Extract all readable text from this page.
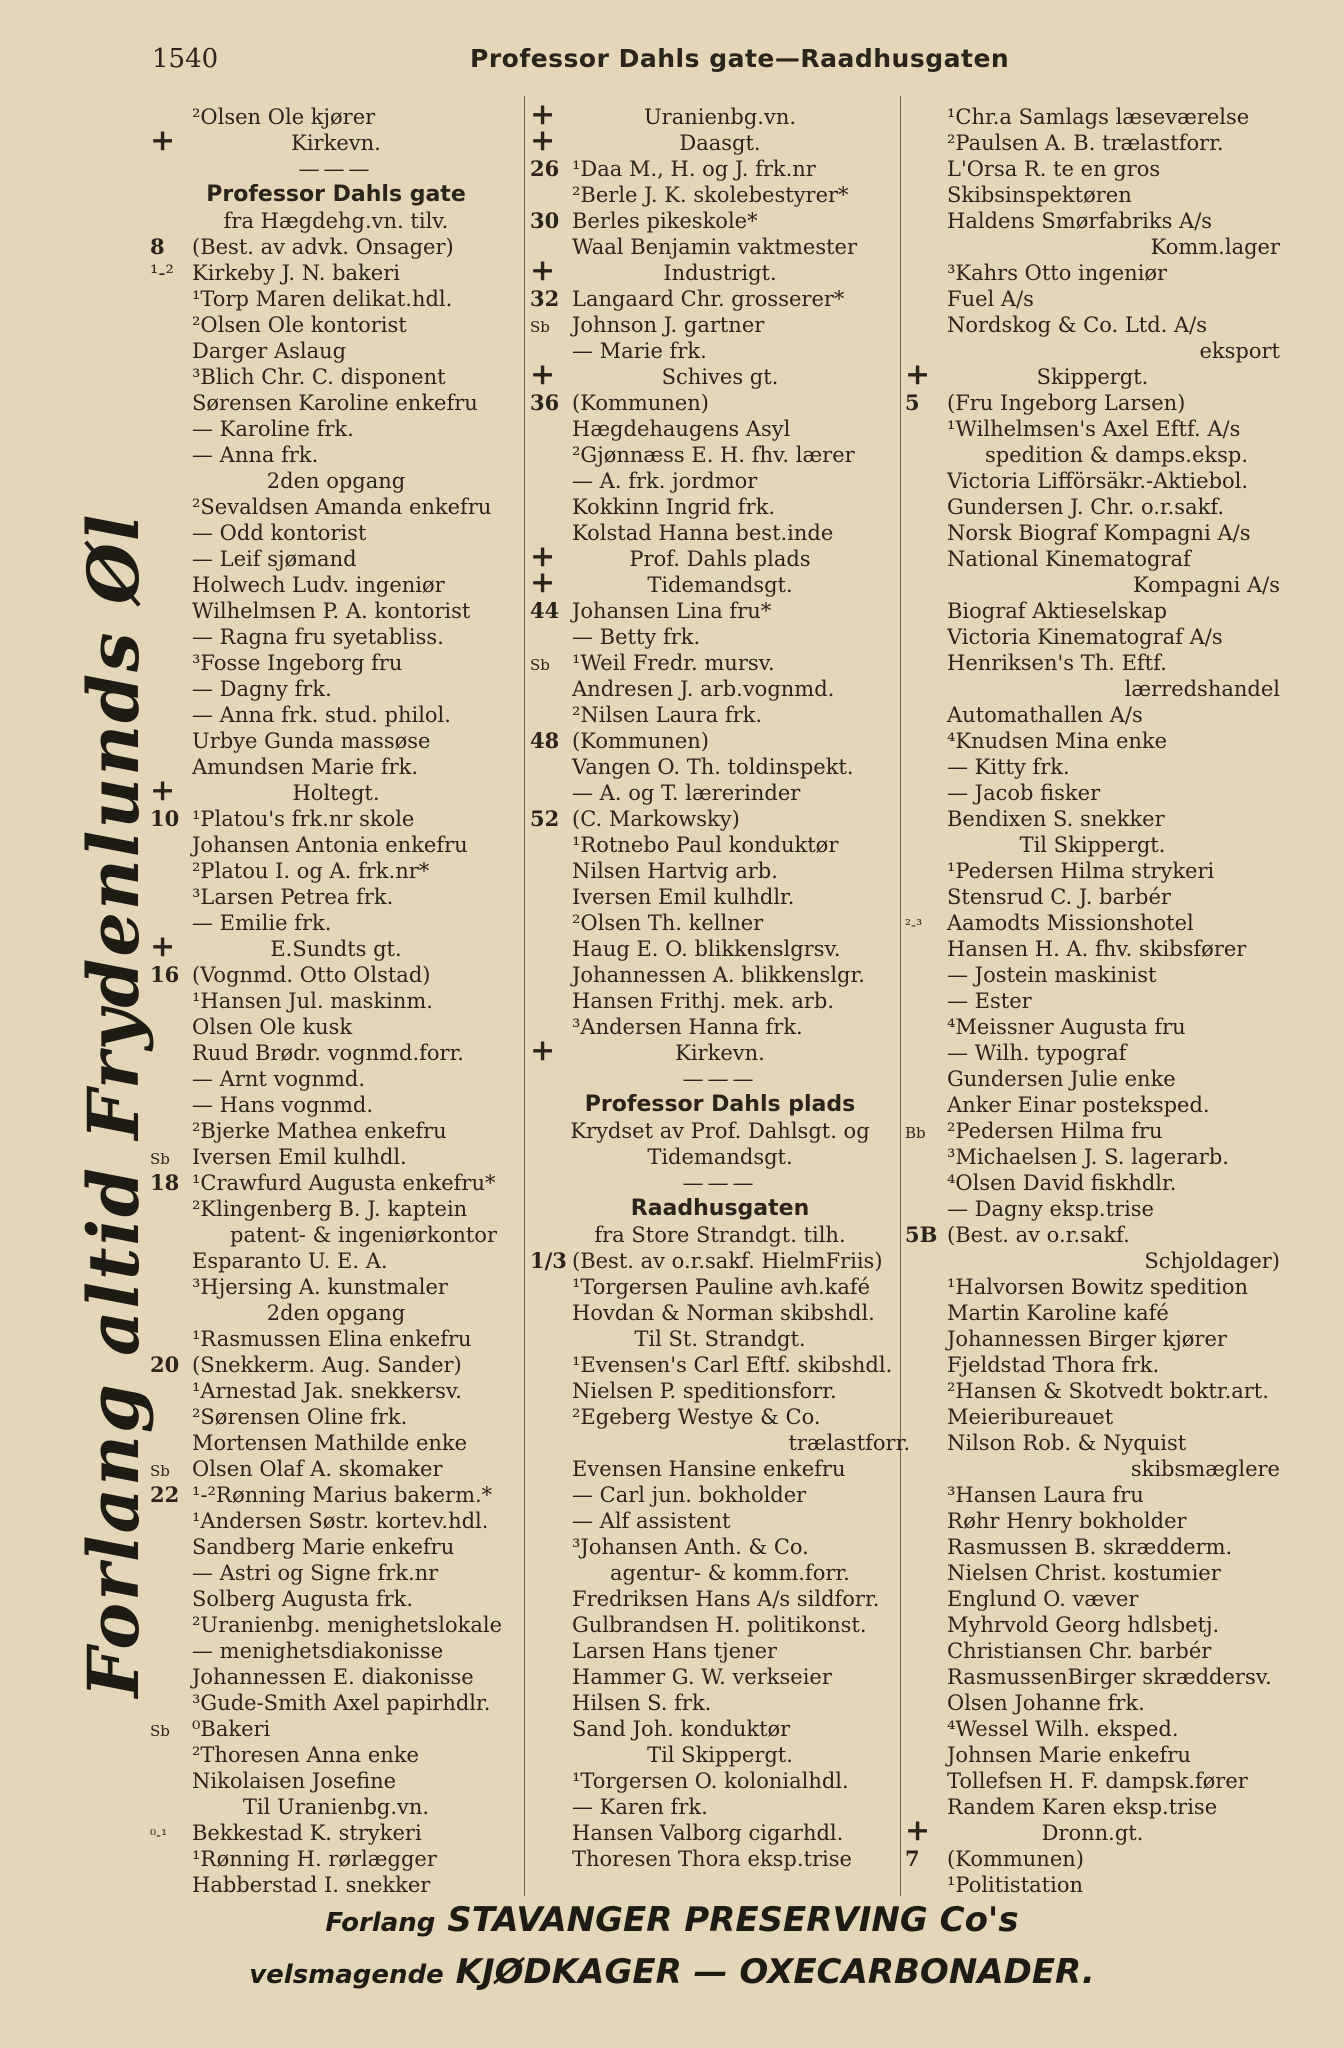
1540	Professor Dahls gate—Raadhusgaten
Forlang altid Frydenlunds Øl
²Olsen Ole kjører
+	Kirkevn.
———
Professor Dahls gate
fra Hægdehg.vn. tilv.
8	(Best. av advk. Onsager)
¹-² Kirkeby J. N. bakeri
¹Torp Maren delikat.hdl.
²Olsen Ole kontorist
Darger Aslaug
³Blich Chr. C. disponent
Sørensen Karoline enkefru
— Karoline frk.
— Anna frk.
2den opgang
²Sevaldsen Amanda enkefru
— Odd kontorist
— Leif sjømand
Holwech Ludv. ingeniør
Wilhelmsen P. A. kontorist
— Ragna fru syetabliss.
³Fosse Ingeborg fru
— Dagny frk.
— Anna frk. stud. philol.
Urbye Gunda massøse
Amundsen Marie frk.
+	Holtegt.
10 ¹Platou's frk.nr skole
Johansen Antonia enkefru
²Platou I. og A. frk.nr*
³Larsen Petrea frk.
— Emilie frk.
+	E.Sundts gt.
16 (Vognmd. Otto Olstad)
¹Hansen Jul. maskinm.
Olsen Ole kusk
Ruud Brødr. vognmd.forr.
— Arnt vognmd.
— Hans vognmd.
²Bjerke Mathea enkefru
Sb	Iversen Emil kulhdl.
18 ¹Crawfurd Augusta enkefru*
²Klingenberg B. J. kaptein
patent- & ingeniørkontor
Esparanto U. E. A.
³Hjersing A. kunstmaler
2den opgang
¹Rasmussen Elina enkefru
20 (Snekkerm. Aug. Sander)
¹Arnestad Jak. snekkersv.
²Sørensen Oline frk.
Mortensen Mathilde enke
Sb	Olsen Olaf A. skomaker
22 ¹-²Rønning Marius bakerm.*
¹Andersen Søstr. kortev.hdl.
Sandberg Marie enkefru
— Astri og Signe frk.nr
Solberg Augusta frk.
²Uranienbg. menighetslokale
— menighetsdiakonisse
Johannessen E. diakonisse
³Gude-Smith Axel papirhdlr.
Sb	⁰Bakeri
²Thoresen Anna enke
Nikolaisen Josefine
Til Uranienbg.vn.
⁰-¹	Bekkestad K. strykeri
¹Rønning H. rørlægger
Habberstad I. snekker
+	Uranienbg.vn.
+	Daasgt.
26 ¹Daa M., H. og J. frk.nr
²Berle J. K. skolebestyrer*
30 Berles pikeskole*
Waal Benjamin vaktmester
+	Industrigt.
32 Langaard Chr. grosserer*
Sb	Johnson J. gartner
— Marie frk.
+	Schives gt.
36 (Kommunen)
Hægdehaugens Asyl
²Gjønnæss E. H. fhv. lærer
— A. frk. jordmor
Kokkinn Ingrid frk.
Kolstad Hanna best.inde
+	Prof. Dahls plads
+	Tidemandsgt.
44 Johansen Lina fru*
— Betty frk.
Sb	¹Weil Fredr. mursv.
Andresen J. arb.vognmd.
²Nilsen Laura frk.
48 (Kommunen)
Vangen O. Th. toldinspekt.
— A. og T. lærerinder
52 (C. Markowsky)
¹Rotnebo Paul konduktør
Nilsen Hartvig arb.
Iversen Emil kulhdlr.
²Olsen Th. kellner
Haug E. O. blikkenslgrsv.
Johannessen A. blikkenslgr.
Hansen Frithj. mek. arb.
³Andersen Hanna frk.
+	Kirkevn.
———
Professor Dahls plads
Krydset av Prof. Dahlsgt. og
Tidemandsgt.
———
Raadhusgaten
fra Store Strandgt. tilh.
1/3 (Best. av o.r.sakf. HielmFriis)
¹Torgersen Pauline avh.kafé
Hovdan & Norman skibshdl.
Til St. Strandgt.
¹Evensen's Carl Eftf. skibshdl.
Nielsen P. speditionsforr.
²Egeberg Westye & Co.
trælastforr.
Evensen Hansine enkefru
— Carl jun. bokholder
— Alf assistent
³Johansen Anth. & Co.
agentur- & komm.forr.
Fredriksen Hans A/s sildforr.
Gulbrandsen H. politikonst.
Larsen Hans tjener
Hammer G. W. verkseier
Hilsen S. frk.
Sand Joh. konduktør
Til Skippergt.
¹Torgersen O. kolonialhdl.
— Karen frk.
Hansen Valborg cigarhdl.
Thoresen Thora eksp.trise
¹Chr.a Samlags læseværelse
²Paulsen A. B. trælastforr.
L'Orsa R. te en gros
Skibsinspektøren
Haldens Smørfabriks A/s
Komm.lager
³Kahrs Otto ingeniør
Fuel A/s
Nordskog & Co. Ltd. A/s
eksport
+	Skippergt.
5	(Fru Ingeborg Larsen)
¹Wilhelmsen's Axel Eftf. A/s
spedition & damps.eksp.
Victoria Lifförsäkr.-Aktiebol.
Gundersen J. Chr. o.r.sakf.
Norsk Biograf Kompagni A/s
National Kinematograf
Kompagni A/s
Biograf Aktieselskap
Victoria Kinematograf A/s
Henriksen's Th. Eftf.
lærredshandel
Automathallen A/s
⁴Knudsen Mina enke
— Kitty frk.
— Jacob fisker
Bendixen S. snekker
Til Skippergt.
¹Pedersen Hilma strykeri
Stensrud C. J. barbér
²-³	Aamodts Missionshotel
Hansen H. A. fhv. skibsfører
— Jostein maskinist
— Ester
⁴Meissner Augusta fru
— Wilh. typograf
Gundersen Julie enke
Anker Einar posteksped.
Bb	²Pedersen Hilma fru
³Michaelsen J. S. lagerarb.
⁴Olsen David fiskhdlr.
— Dagny eksp.trise
5B (Best. av o.r.sakf.
Schjoldager)
¹Halvorsen Bowitz spedition
Martin Karoline kafé
Johannessen Birger kjører
Fjeldstad Thora frk.
²Hansen & Skotvedt boktr.art.
Meieribureauet
Nilson Rob. & Nyquist
skibsmæglere
³Hansen Laura fru
Røhr Henry bokholder
Rasmussen B. skrædderm.
Nielsen Christ. kostumier
Englund O. væver
Myhrvold Georg hdlsbetj.
Christiansen Chr. barbér
RasmussenBirger skræddersv.
Olsen Johanne frk.
⁴Wessel Wilh. eksped.
Johnsen Marie enkefru
Tollefsen H. F. dampsk.fører
Randem Karen eksp.trise
+	Dronn.gt.
7	(Kommunen)
¹Politistation
Forlang STAVANGER PRESERVING Co's
velsmagende KJØDKAGER — OXECARBONADER.
